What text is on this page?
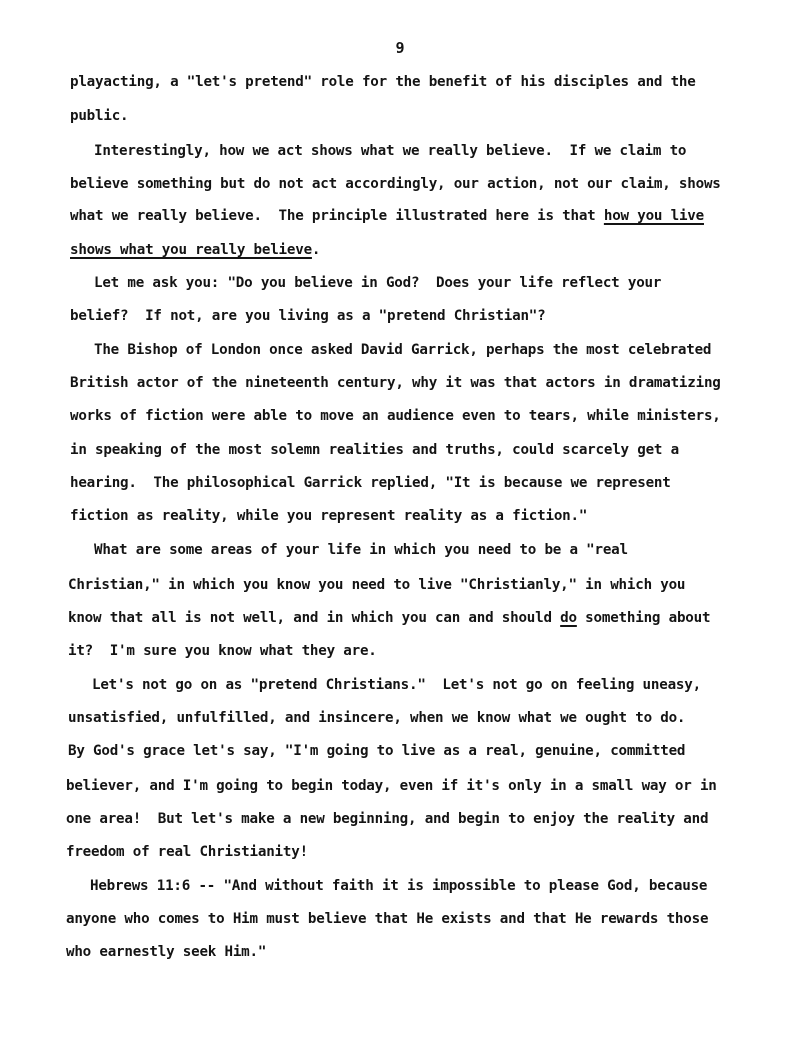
9
playacting, a "let's pretend" role for the benefit of his disciples and the
public.
Interestingly, how we act shows what we really believe.  If we claim to
believe something but do not act accordingly, our action, not our claim, shows
what we really believe.  The principle illustrated here is that how you live
shows what you really believe.
Let me ask you: "Do you believe in God?  Does your life reflect your
belief?  If not, are you living as a "pretend Christian"?
The Bishop of London once asked David Garrick, perhaps the most celebrated
British actor of the nineteenth century, why it was that actors in dramatizing
works of fiction were able to move an audience even to tears, while ministers,
in speaking of the most solemn realities and truths, could scarcely get a
hearing.  The philosophical Garrick replied, "It is because we represent
fiction as reality, while you represent reality as a fiction."
What are some areas of your life in which you need to be a "real
Christian," in which you know you need to live "Christianly," in which you
know that all is not well, and in which you can and should do something about
it?  I'm sure you know what they are.
Let's not go on as "pretend Christians."  Let's not go on feeling uneasy,
unsatisfied, unfulfilled, and insincere, when we know what we ought to do.
By God's grace let's say, "I'm going to live as a real, genuine, committed
believer, and I'm going to begin today, even if it's only in a small way or in
one area!  But let's make a new beginning, and begin to enjoy the reality and
freedom of real Christianity!
Hebrews 11:6 -- "And without faith it is impossible to please God, because
anyone who comes to Him must believe that He exists and that He rewards those
who earnestly seek Him."
